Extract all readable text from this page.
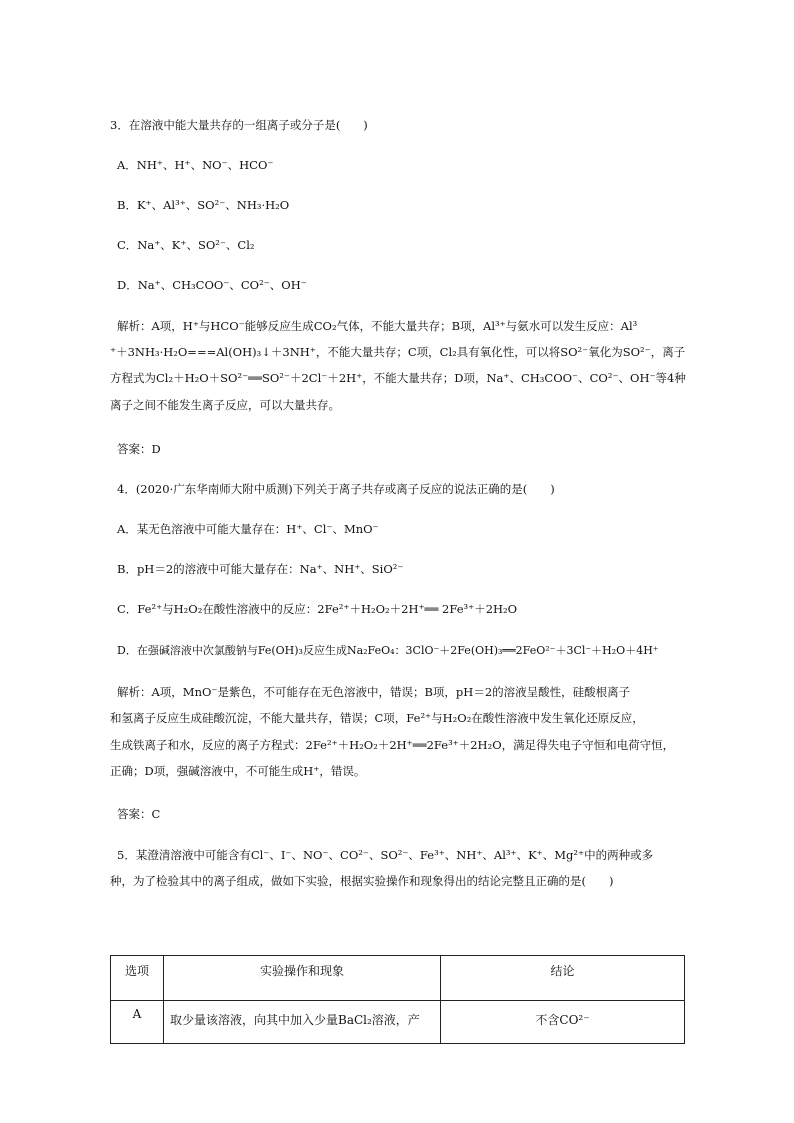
3．在溶液中能大量共存的一组离子或分子是(　　)
A．NH⁺、H⁺、NO⁻、HCO⁻
B．K⁺、Al³⁺、SO²⁻、NH₃·H₂O
C．Na⁺、K⁺、SO²⁻、Cl₂
D．Na⁺、CH₃COO⁻、CO²⁻、OH⁻
解析：A项，H⁺与HCO⁻能够反应生成CO₂气体，不能大量共存；B项，Al³⁺与氨水可以发生反应：Al³
⁺＋3NH₃·H₂O===Al(OH)₃↓＋3NH⁺，不能大量共存；C项，Cl₂具有氧化性，可以将SO²⁻氧化为SO²⁻，离子
方程式为Cl₂＋H₂O＋SO²⁻══SO²⁻＋2Cl⁻＋2H⁺，不能大量共存；D项，Na⁺、CH₃COO⁻、CO²⁻、OH⁻等4种
离子之间不能发生离子反应，可以大量共存。
答案：D
4．(2020·广东华南师大附中质测)下列关于离子共存或离子反应的说法正确的是(　　)
A．某无色溶液中可能大量存在：H⁺、Cl⁻、MnO⁻
B．pH＝2的溶液中可能大量存在：Na⁺、NH⁺、SiO²⁻
C．Fe²⁺与H₂O₂在酸性溶液中的反应：2Fe²⁺＋H₂O₂＋2H⁺══ 2Fe³⁺＋2H₂O
D．在强碱溶液中次氯酸钠与Fe(OH)₃反应生成Na₂FeO₄：3ClO⁻＋2Fe(OH)₃══2FeO²⁻＋3Cl⁻＋H₂O＋4H⁺
解析：A项，MnO⁻是紫色，不可能存在无色溶液中，错误；B项，pH＝2的溶液呈酸性，硅酸根离子
和氢离子反应生成硅酸沉淀，不能大量共存，错误；C项，Fe²⁺与H₂O₂在酸性溶液中发生氧化还原反应，
生成铁离子和水，反应的离子方程式：2Fe²⁺＋H₂O₂＋2H⁺══2Fe³⁺＋2H₂O，满足得失电子守恒和电荷守恒，
正确；D项，强碱溶液中，不可能生成H⁺，错误。
答案：C
5．某澄清溶液中可能含有Cl⁻、I⁻、NO⁻、CO²⁻、SO²⁻、Fe³⁺、NH⁺、Al³⁺、K⁺、Mg²⁺中的两种或多
种，为了检验其中的离子组成，做如下实验，根据实验操作和现象得出的结论完整且正确的是(　　)
选项	实验操作和现象	结论

A	取少量该溶液，向其中加入少量BaCl₂溶液，产	不含CO²⁻
